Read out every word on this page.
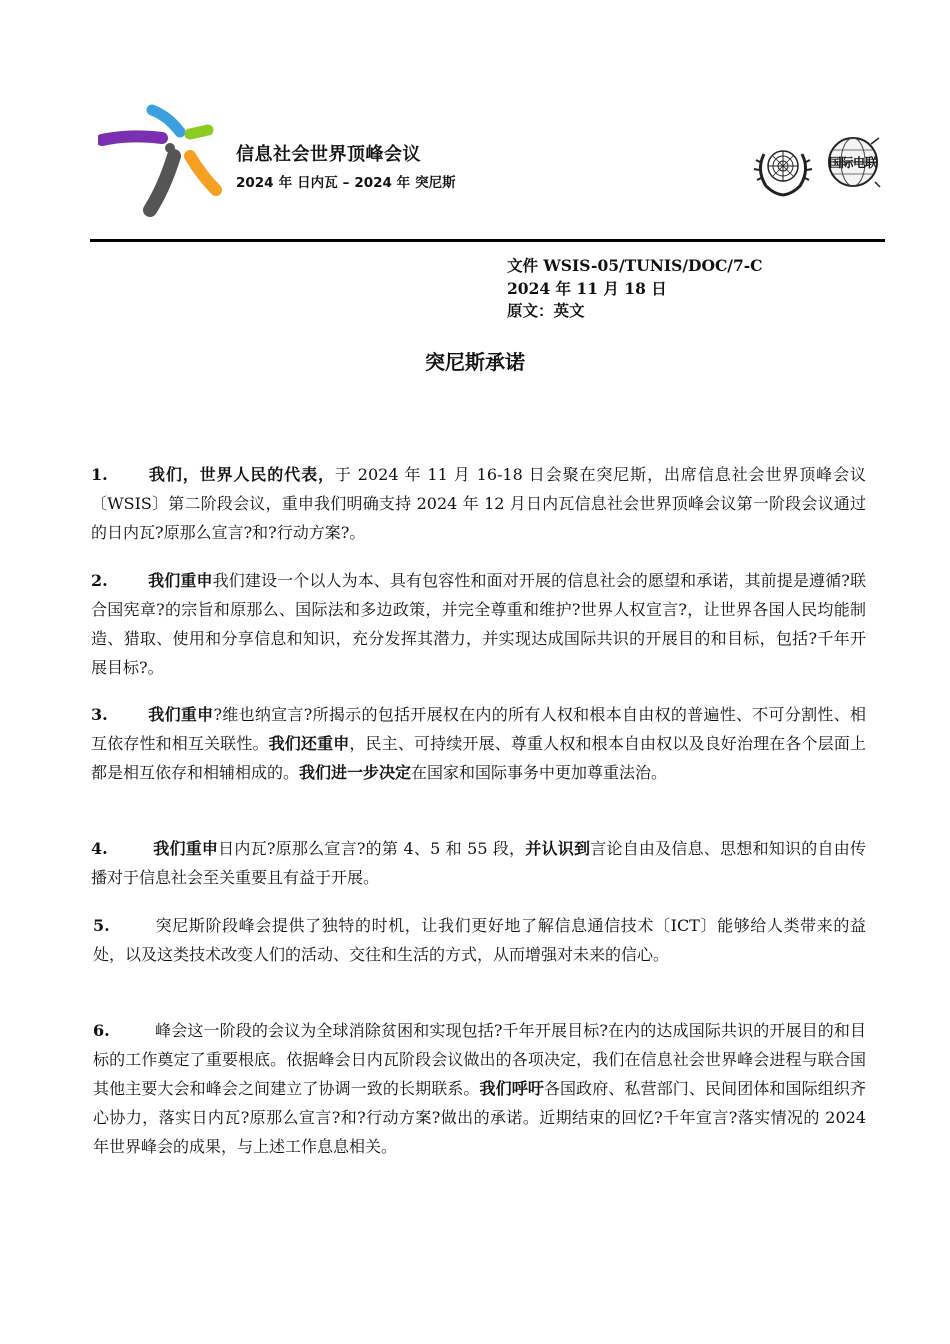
信息社会世界顶峰会议
2024 年 日内瓦 – 2024 年 突尼斯
国际电联
文件 WSIS-05/TUNIS/DOC/7-C
2024 年 11 月 18 日
原文：英文
突尼斯承诺
1.	我们，世界人民的代表，于 2024 年 11 月 16-18 日会聚在突尼斯，出席信息社会世界顶峰会议〔WSIS〕第二阶段会议，重申我们明确支持 2024 年 12 月日内瓦信息社会世界顶峰会议第一阶段会议通过的日内瓦?原那么宣言?和?行动方案?。
2.	我们重申我们建设一个以人为本、具有包容性和面对开展的信息社会的愿望和承诺，其前提是遵循?联合国宪章?的宗旨和原那么、国际法和多边政策，并完全尊重和维护?世界人权宣言?，让世界各国人民均能制造、猎取、使用和分享信息和知识，充分发挥其潜力，并实现达成国际共识的开展目的和目标，包括?千年开展目标?。
3.	我们重申?维也纳宣言?所揭示的包括开展权在内的所有人权和根本自由权的普遍性、不可分割性、相互依存性和相互关联性。我们还重申，民主、可持续开展、尊重人权和根本自由权以及良好治理在各个层面上都是相互依存和相辅相成的。我们进一步决定在国家和国际事务中更加尊重法治。
4.	我们重申日内瓦?原那么宣言?的第 4、5 和 55 段，并认识到言论自由及信息、思想和知识的自由传播对于信息社会至关重要且有益于开展。
5.	突尼斯阶段峰会提供了独特的时机，让我们更好地了解信息通信技术〔ICT〕能够给人类带来的益处，以及这类技术改变人们的活动、交往和生活的方式，从而增强对未来的信心。
6.	峰会这一阶段的会议为全球消除贫困和实现包括?千年开展目标?在内的达成国际共识的开展目的和目标的工作奠定了重要根底。依据峰会日内瓦阶段会议做出的各项决定，我们在信息社会世界峰会进程与联合国其他主要大会和峰会之间建立了协调一致的长期联系。我们呼吁各国政府、私营部门、民间团体和国际组织齐心协力，落实日内瓦?原那么宣言?和?行动方案?做出的承诺。近期结束的回忆?千年宣言?落实情况的 2024 年世界峰会的成果，与上述工作息息相关。
